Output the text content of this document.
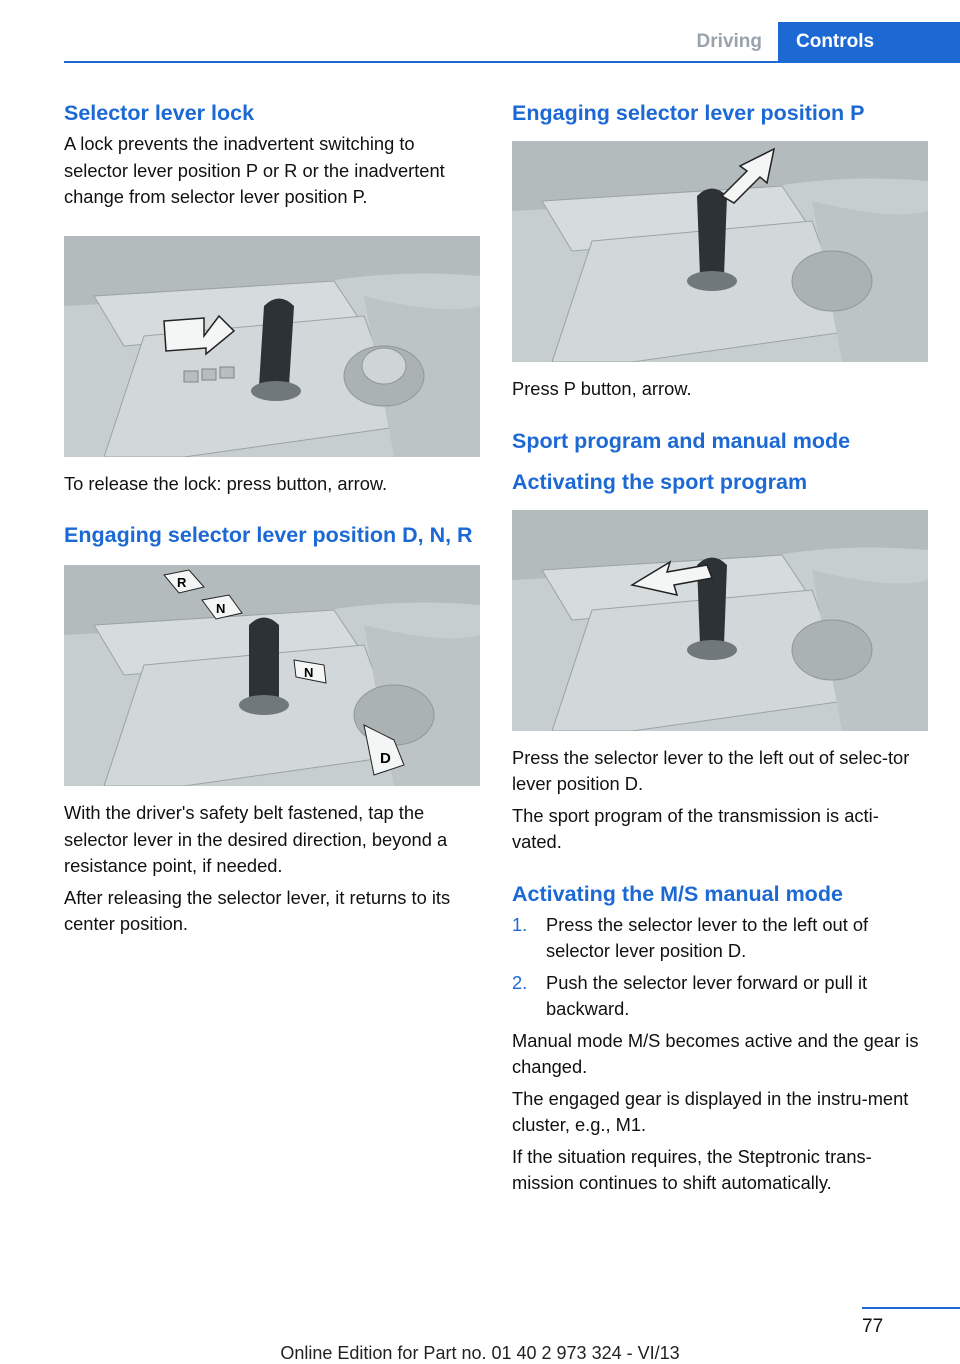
Driving	Controls
Selector lever lock

A lock prevents the inadvertent switching to selector lever position P or R or the inadvertent change from selector lever position P.

To release the lock: press button, arrow.

Engaging selector lever position D, N, R
R
N
N
D

With the driver's safety belt fastened, tap the selector lever in the desired direction, beyond a resistance point, if needed.

After releasing the selector lever, it returns to its center position.

Engaging selector lever position P

Press P button, arrow.

Sport program and manual mode
Activating the sport program

Press the selector lever to the left out of selec-tor lever position D.

The sport program of the transmission is acti-vated.

Activating the M/S manual mode
1.	Press the selector lever to the left out of selector lever position D.
2.	Push the selector lever forward or pull it backward.

Manual mode M/S becomes active and the gear is changed.

The engaged gear is displayed in the instru-ment cluster, e.g., M1.

If the situation requires, the Steptronic trans-mission continues to shift automatically.

77
Online Edition for Part no. 01 40 2 973 324 - VI/13
